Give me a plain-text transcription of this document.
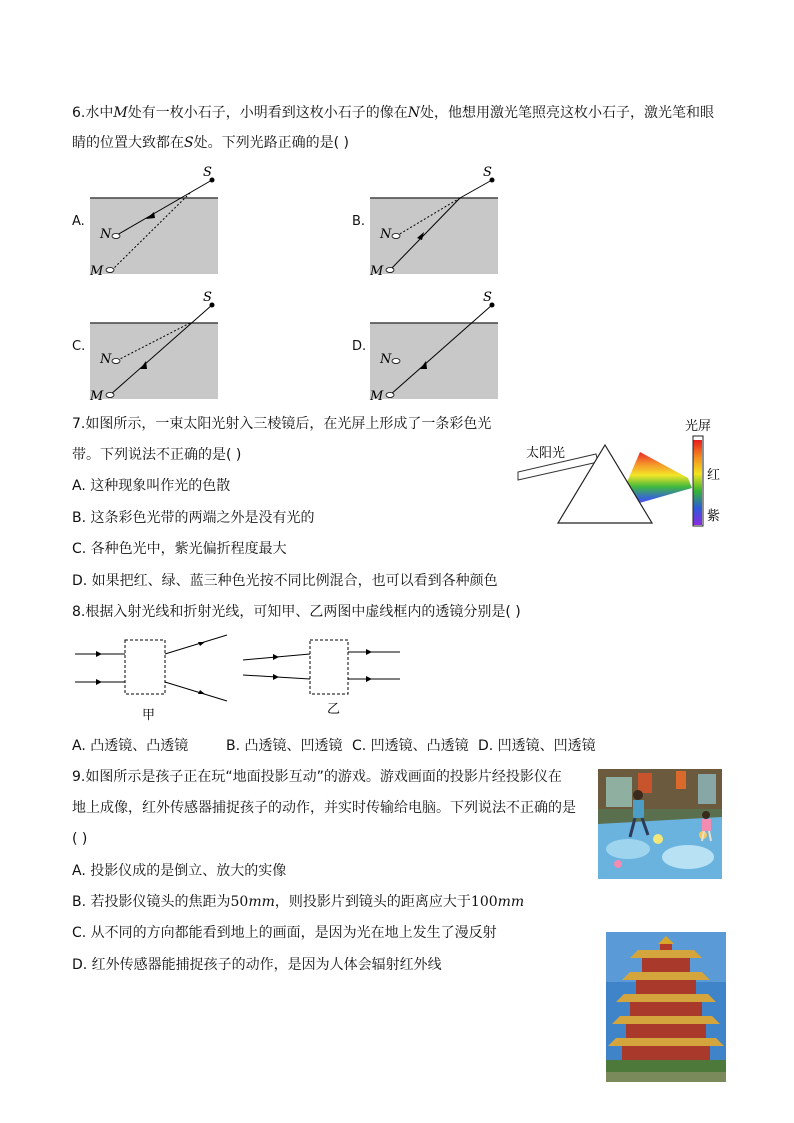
6.水中M处有一枚小石子，小明看到这枚小石子的像在N处，他想用激光笔照亮这枚小石子，激光笔和眼
睛的位置大致都在S处。下列光路正确的是( )
A.	B.
C.	D.
S
N
M
S
N
M
S
N
M
S
N
M
7.如图所示，一束太阳光射入三棱镜后，在光屏上形成了一条彩色光
带。下列说法不正确的是( )
A. 这种现象叫作光的色散
B. 这条彩色光带的两端之外是没有光的
C. 各种色光中，紫光偏折程度最大
D. 如果把红、绿、蓝三种色光按不同比例混合，也可以看到各种颜色
光屏
太阳光
红
紫
8.根据入射光线和折射光线，可知甲、乙两图中虚线框内的透镜分别是( )
甲	乙
A. 凸透镜、凸透镜	B. 凸透镜、凹透镜 C. 凹透镜、凸透镜 D. 凹透镜、凹透镜
9.如图所示是孩子正在玩“地面投影互动”的游戏。游戏画面的投影片经投影仪在
地上成像，红外传感器捕捉孩子的动作，并实时传输给电脑。下列说法不正确的是
( )
A. 投影仪成的是倒立、放大的实像
B. 若投影仪镜头的焦距为50mm，则投影片到镜头的距离应大于100mm
C. 从不同的方向都能看到地上的画面，是因为光在地上发生了漫反射
D. 红外传感器能捕捉孩子的动作，是因为人体会辐射红外线
